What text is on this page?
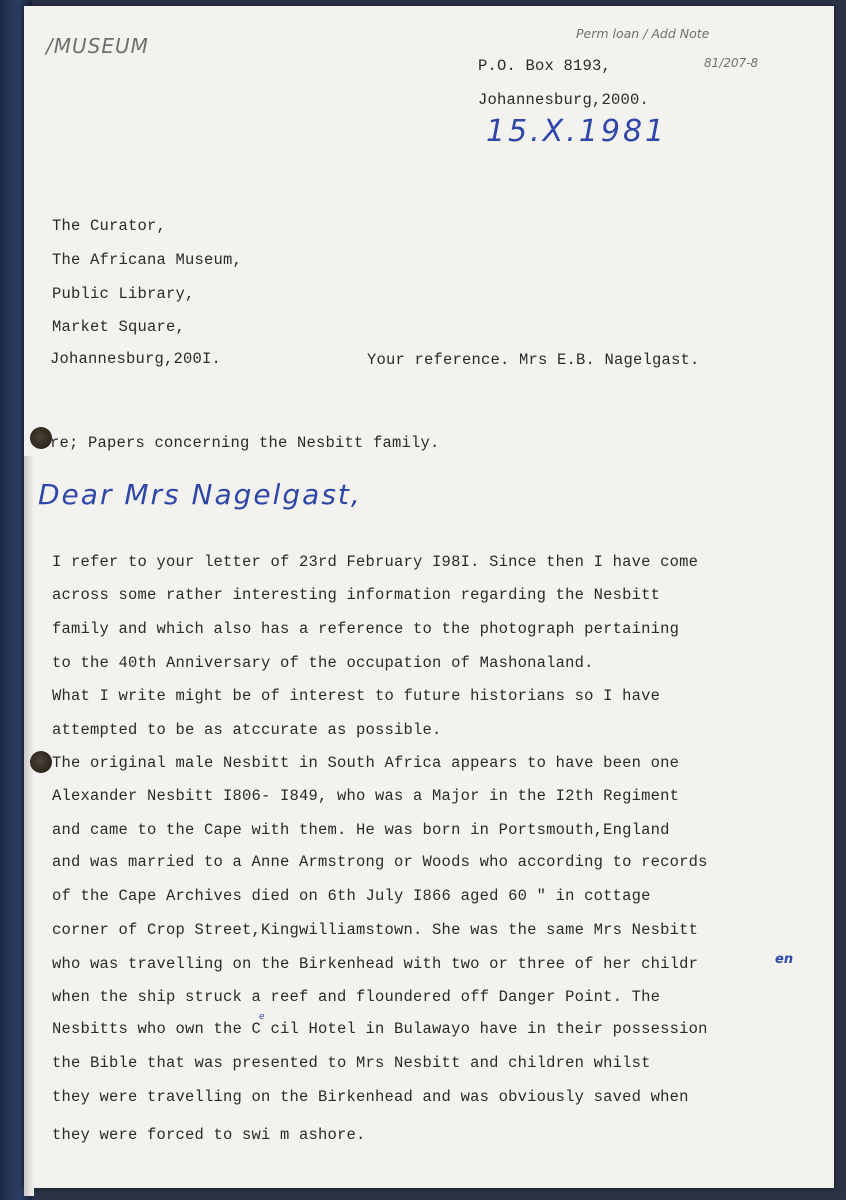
/MUSEUM
Perm loan / Add Note
81/207-8
15.X.1981
Dear Mrs Nagelgast,
P.O. Box 8193,
Johannesburg,2000.
The Curator,
The Africana Museum,
Public Library,
Market Square,
Johannesburg,200I.	Your reference. Mrs E.B. Nagelgast.
re; Papers concerning the Nesbitt family.
I refer to your letter of 23rd February I98I. Since then I have come
across some rather interesting information regarding the Nesbitt
family and which also has a reference to the photograph pertaining
to the 40th Anniversary of the occupation of Mashonaland.
What I write might be of interest to future historians so I have
attempted to be as atccurate as possible.
The original male Nesbitt in South Africa appears to have been one
Alexander Nesbitt I806- I849, who was a Major in the I2th Regiment
and came to the Cape with them. He was born in Portsmouth,England
and was married to a Anne Armstrong or Woods who according to records
of the Cape Archives died on 6th July I866 aged 60 " in cottage
corner of Crop Street,Kingwilliamstown. She was the same Mrs Nesbitt
who was travelling on the Birkenhead with two or three of her childr
when the ship struck a reef and floundered off Danger Point. The
Nesbitts who own the C cil Hotel in Bulawayo have in their possession
the Bible that was presented to Mrs Nesbitt and children whilst
they were travelling on the Birkenhead and was obviously saved when
they were forced to swi m ashore.
en
e
